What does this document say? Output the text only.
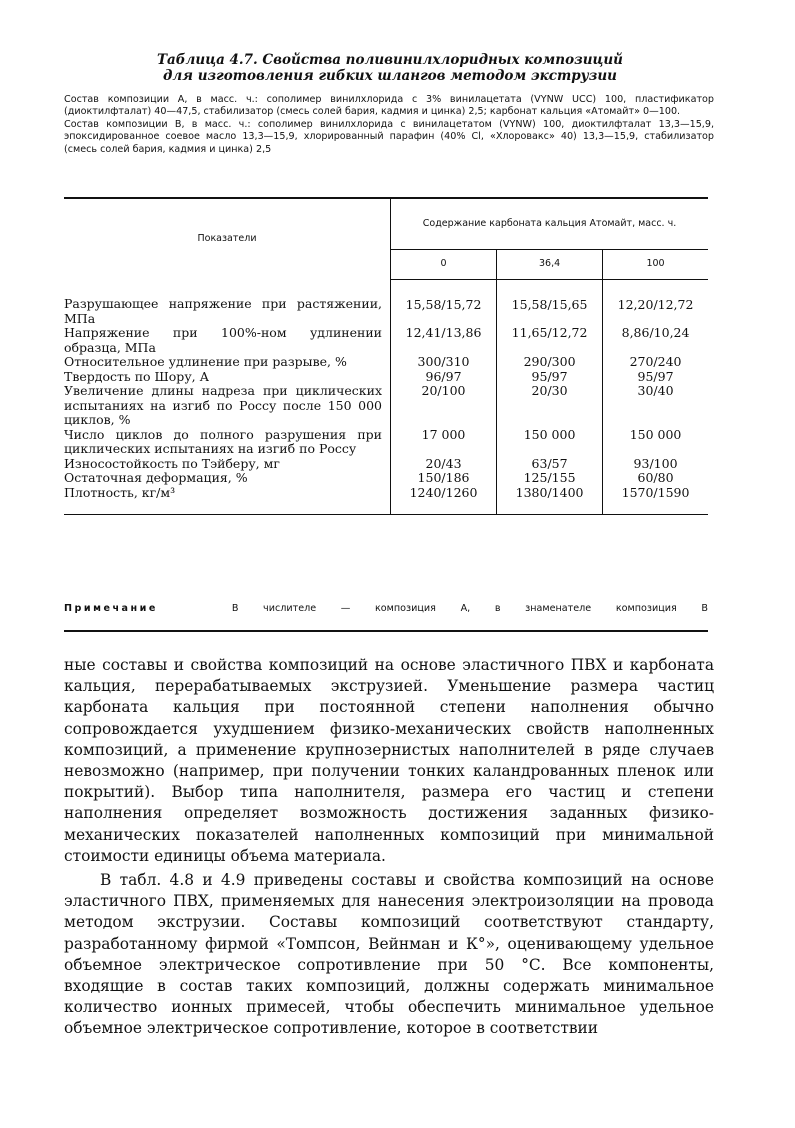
Таблица 4.7. Свойства поливинилхлоридных композиций
для изготовления гибких шлангов методом экструзии

Состав композиции А, в масс. ч.: сополимер винилхлорида с 3% винилацетата (VYNW UCC) 100, пластификатор (диоктилфталат) 40—47,5, стабилизатор (смесь солей бария, кадмия и цинка) 2,5; карбонат кальция «Атомайт» 0—100.

Состав композиции В, в масс. ч.: сополимер винилхлорида с винилацетатом (VYNW) 100, диоктилфталат 13,3—15,9, эпоксидированное соевое масло 13,3—15,9, хлорированный парафин (40% Cl, «Хлоровакс» 40) 13,3—15,9, стабилизатор (смесь солей бария, кадмия и цинка) 2,5

Показатели	Содержание карбоната кальция Атомайт, масс. ч.		
	0	36,4	100
Разрушающее напряжение при растяжении, МПа	15,58/15,72	15,58/15,65	12,20/12,72
Напряжение при 100%-ном удлинении образца, МПа	12,41/13,86	11,65/12,72	8,86/10,24
Относительное удлинение при разрыве, %	300/310	290/300	270/240
Твердость по Шору, А	96/97	95/97	95/97
Увеличение длины надреза при циклических испытаниях на изгиб по Россу после 150 000 циклов, %	20/100	20/30	30/40
Число циклов до полного разрушения при циклических испытаниях на изгиб по Россу	17 000	150 000	150 000
Износостойкость по Тэйберу, мг	20/43	63/57	93/100
Остаточная деформация, %	150/186	125/155	60/80
Плотность, кг/м³	1240/1260	1380/1400	1570/1590
Примечание	В числителе — композиция А, в знаменателе композиция В

ные составы и свойства композиций на основе эластичного ПВХ и карбоната кальция, перерабатываемых экструзией. Уменьшение размера частиц карбоната кальция при постоянной степени наполнения обычно сопровождается ухудшением физико-механических свойств наполненных композиций, а применение крупнозернистых наполнителей в ряде случаев невозможно (например, при получении тонких каландрованных пленок или покрытий). Выбор типа наполнителя, размера его частиц и степени наполнения определяет возможность достижения заданных физико-механических показателей наполненных композиций при минимальной стоимости единицы объема материала.

В табл. 4.8 и 4.9 приведены составы и свойства композиций на основе эластичного ПВХ, применяемых для нанесения электроизоляции на провода методом экструзии. Составы композиций соответствуют стандарту, разработанному фирмой «Томпсон, Вейнман и К°», оценивающему удельное объемное электрическое сопротивление при 50 °С. Все компоненты, входящие в состав таких композиций, должны содержать минимальное количество ионных примесей, чтобы обеспечить минимальное удельное объемное электрическое сопротивление, которое в соответствии
